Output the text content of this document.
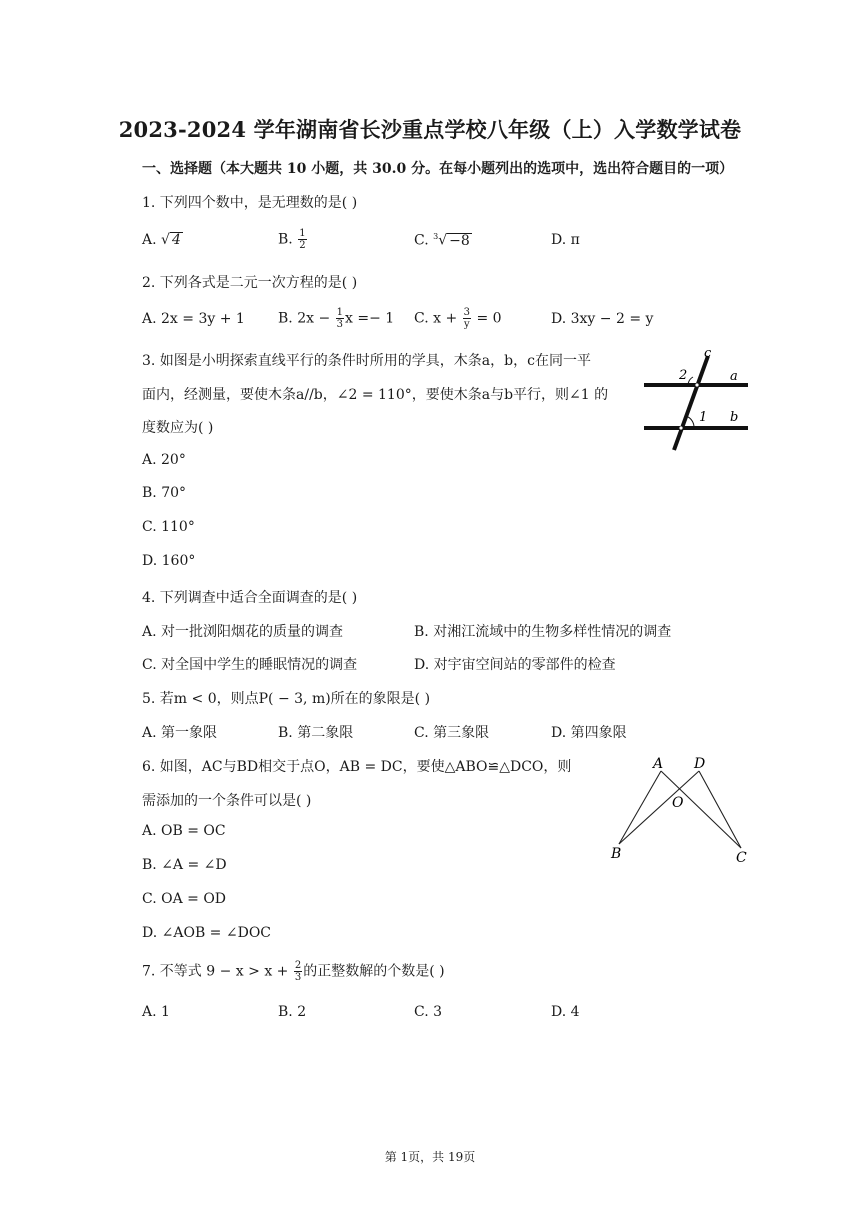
2023-2024 学年湖南省长沙重点学校八年级（上）入学数学试卷
一、选择题（本大题共 10 小题，共 30.0 分。在每小题列出的选项中，选出符合题目的一项）
1. 下列四个数中，是无理数的是( )
A. √ 4	B. $\frac{1}{2}$	C. $^3$√ −8	D. π
2. 下列各式是二元一次方程的是( )
A. 2x = 3y + 1 B. $2x - \frac{1}{3}$ x =− 1 C. $x + \frac{3}{y} = 0$	D. 3xy − 2 = y
3. 如图是小明探索直线平行的条件时所用的学具，木条a，b，c在同一平
面内，经测量，要使木条a//b，∠2 = 110°，要使木条a与b平行，则∠1 的
度数应为( )
A. 20°
B. 70°
C. 110°
D. 160°
c
a
b
2
1
4. 下列调查中适合全面调查的是( )
A. 对一批浏阳烟花的质量的调查	B. 对湘江流域中的生物多样性情况的调查
C. 对全国中学生的睡眠情况的调查	D. 对宇宙空间站的零部件的检查
5. 若m < 0，则点P( − 3, m)所在的象限是( )
A. 第一象限	B. 第二象限	C. 第三象限	D. 第四象限
6. 如图，AC与BD相交于点O，AB = DC，要使△ABO≌△DCO，则
需添加的一个条件可以是( )
A. OB = OC
B. ∠A = ∠D
C. OA = OD
D. ∠AOB = ∠DOC
A D
O
B	C
7. 不等式 $9 - x > x + \frac{2}{3}$ 的正整数解的个数是( )
A. 1	B. 2	C. 3	D. 4
第 1页，共 19页
